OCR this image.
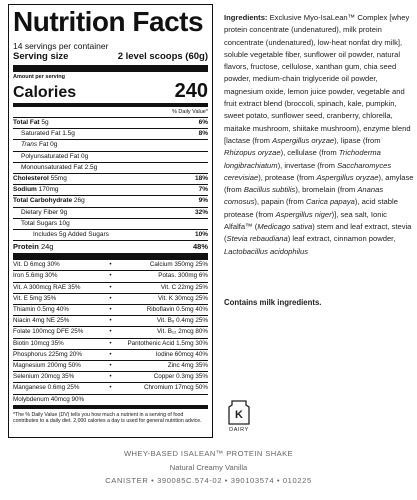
Nutrition Facts
14 servings per container
Serving size	2 level scoops (60g)
Amount per serving
Calories	240
% Daily Value*
Total Fat 5g	6%
Saturated Fat 1.5g	8%
Trans Fat 0g
Polyunsaturated Fat 0g
Monounsaturated Fat 2.5g
Cholesterol 55mg	18%
Sodium 170mg	7%
Total Carbohydrate 26g	9%
Dietary Fiber 9g	32%
Total Sugars 10g
Includes 5g Added Sugars	10%
Protein 24g	48%
Vit. D 6mcg 30%	•	Calcium 350mg 25%
Iron 5.6mg 30%	•	Potas. 300mg 6%
Vit. A 300mcg RAE 35%	•	Vit. C 22mg 25%
Vit. E 5mg 35%	•	Vit. K 30mcg 25%
Thiamin 0.5mg 40%	•	Riboflavin 0.5mg 40%
Niacin 4mg NE 25%	•	Vit. B₆ 0.4mg 25%
Folate 100mcg DFE 25%	•	Vit. B₁₂ 2mcg 80%
Biotin 10mcg 35%	•	Pantothenic Acid 1.5mg 30%
Phosphorus 225mg 20%	•	Iodine 60mcg 40%
Magnesium 200mg 50%	•	Zinc 4mg 35%
Selenium 20mcg 35%	•	Copper 0.3mg 35%
Manganese 0.6mg 25%	•	Chromium 17mcg 50%
Molybdenum 40mcg 90%
*The % Daily Value (DV) tells you how much a nutrient in a serving of food contributes to a daily diet. 2,000 calories a day is used for general nutrition advice.
Ingredients: Exclusive Myo-IsaLean™ Complex [whey protein concentrate (undenatured), milk protein concentrate (undenatured), low-heat nonfat dry milk], soluble vegetable fiber, sunflower oil powder, natural flavors, fructose, cellulose, xanthan gum, chia seed powder, medium-chain triglyceride oil powder, magnesium oxide, lemon juice powder, vegetable and fruit extract blend (broccoli, spinach, kale, pumpkin, sweet potato, sunflower seed, cranberry, chlorella, maitake mushroom, shiitake mushroom), enzyme blend [lactase (from Aspergillus oryzae), lipase (from Rhizopus oryzae), cellulase (from Trichoderma longibrachiatum), invertase (from Saccharomyces cerevisiae), protease (from Aspergillus oryzae), amylase (from Bacillus subtilis), bromelain (from Ananas comosus), papain (from Carica papaya), acid stable protease (from Aspergillus niger)], sea salt, Ionic Alfalfa™ (Medicago sativa) stem and leaf extract, stevia (Stevia rebaudiana) leaf extract, cinnamon powder, Lactobacillus acidophilus
Contains milk ingredients.
K
DAIRY
WHEY-BASED ISALEAN™ PROTEIN SHAKE
Natural Creamy Vanilla
CANISTER • 390085C.574-02 • 390103574 • 010225
